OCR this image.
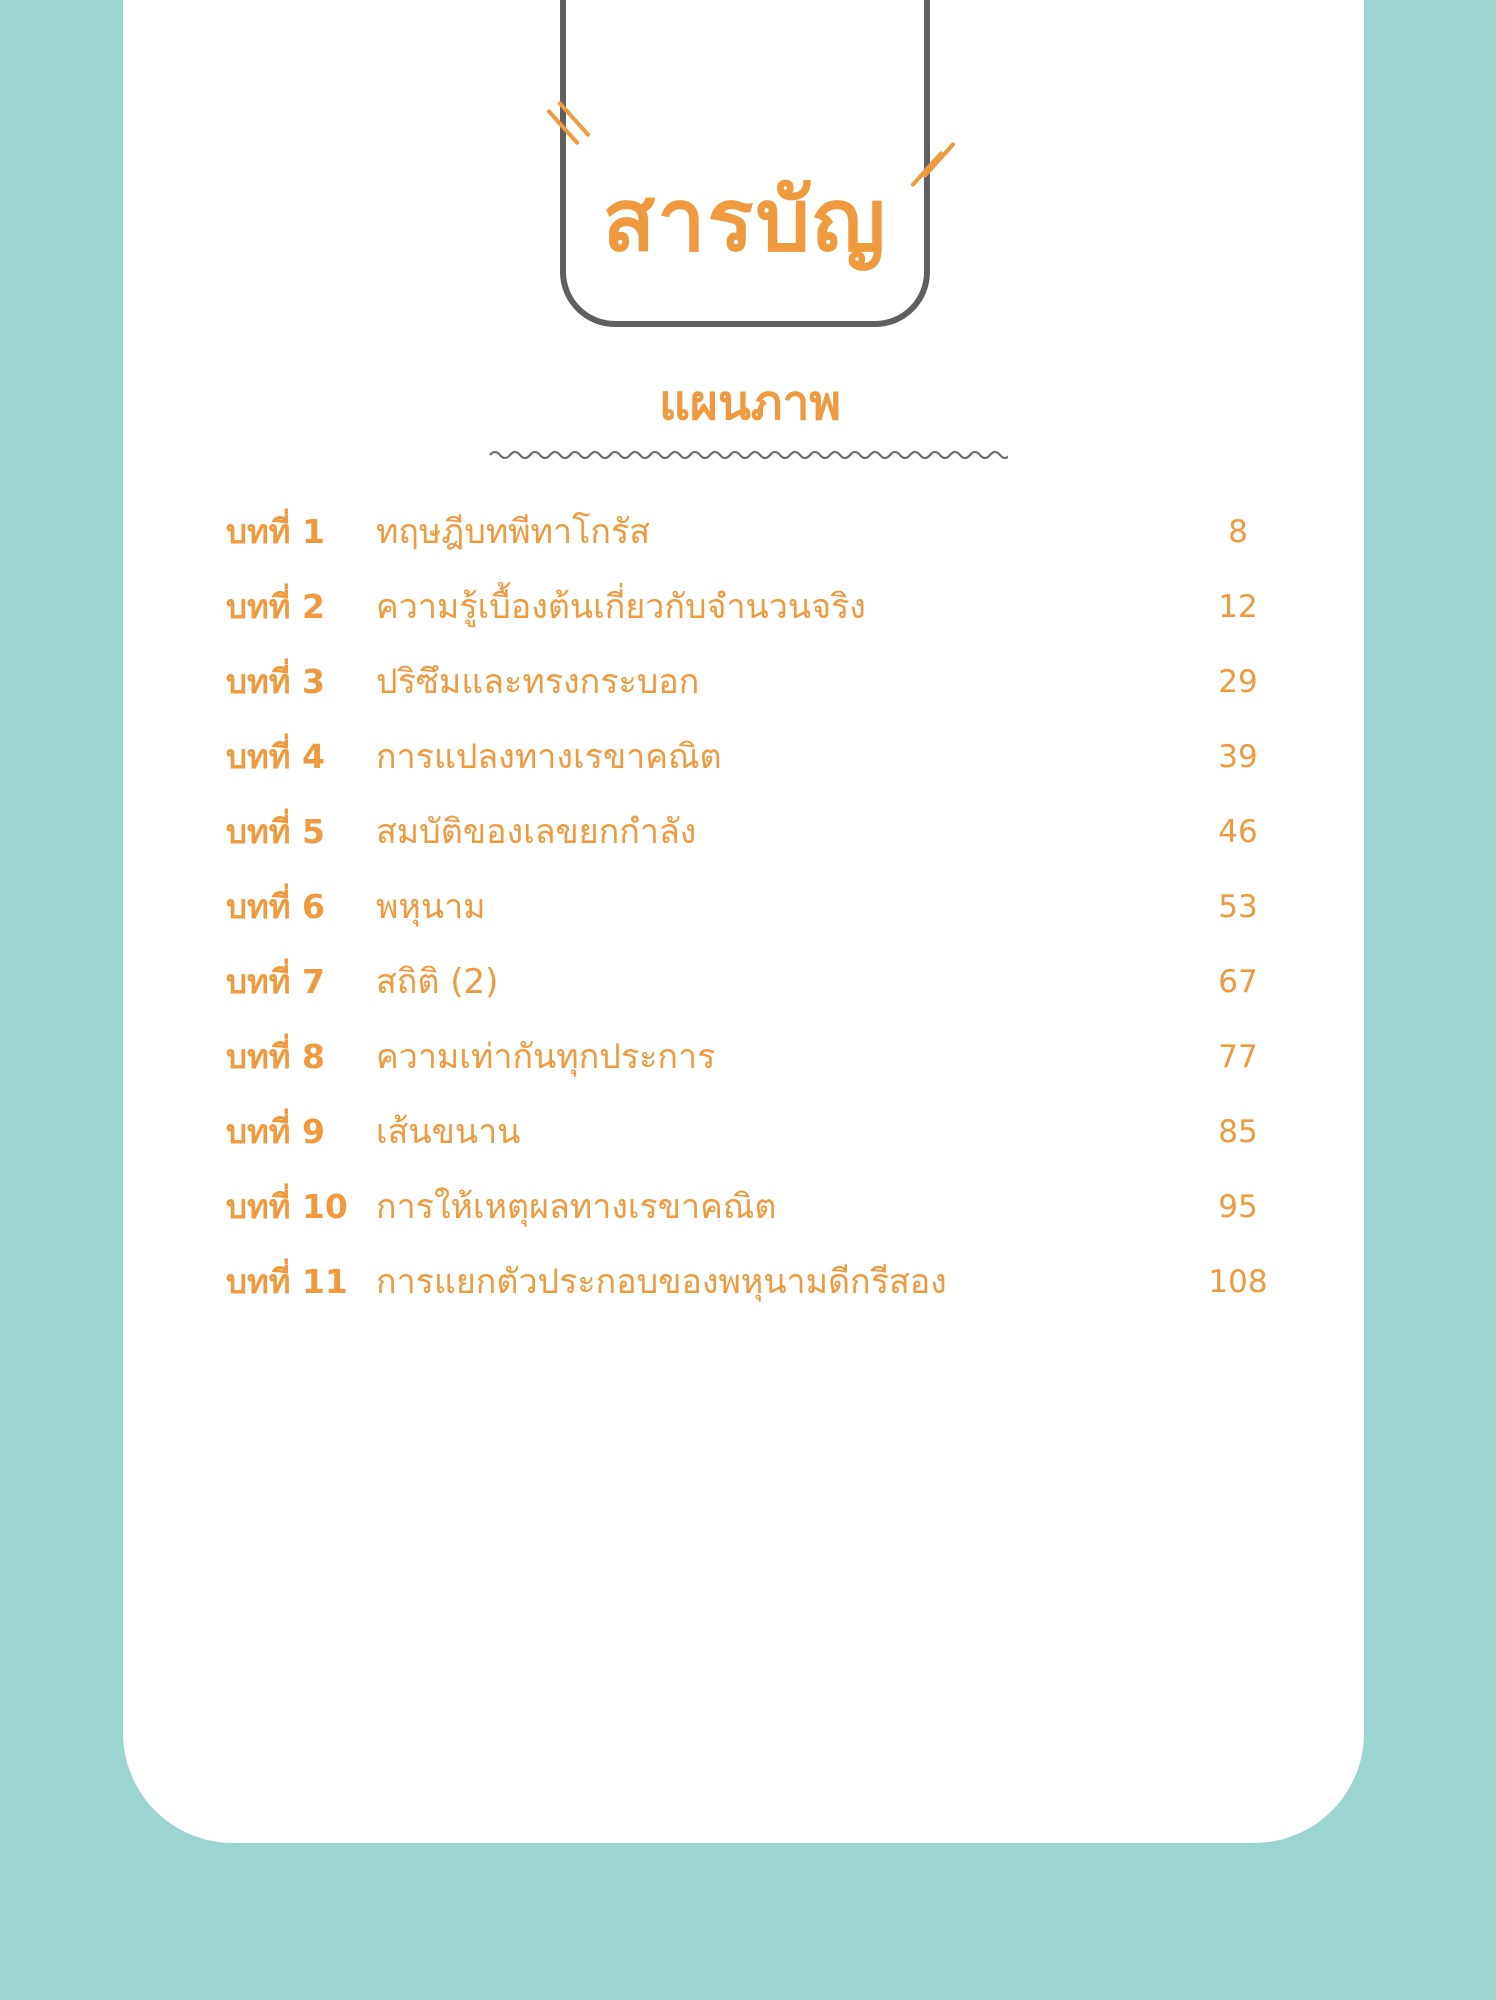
สารบัญ
แผนภาพ
บทที่ 1 ทฤษฎีบทพีทาโกรัส	8
บทที่ 2 ความรู้เบื้องต้นเกี่ยวกับจำนวนจริง	12
บทที่ 3 ปริซึมและทรงกระบอก	29
บทที่ 4 การแปลงทางเรขาคณิต	39
บทที่ 5 สมบัติของเลขยกกำลัง	46
บทที่ 6 พหุนาม	53
บทที่ 7 สถิติ (2)	67
บทที่ 8 ความเท่ากันทุกประการ	77
บทที่ 9 เส้นขนาน	85
บทที่ 10 การให้เหตุผลทางเรขาคณิต	95
บทที่ 11 การแยกตัวประกอบของพหุนามดีกรีสอง	108
